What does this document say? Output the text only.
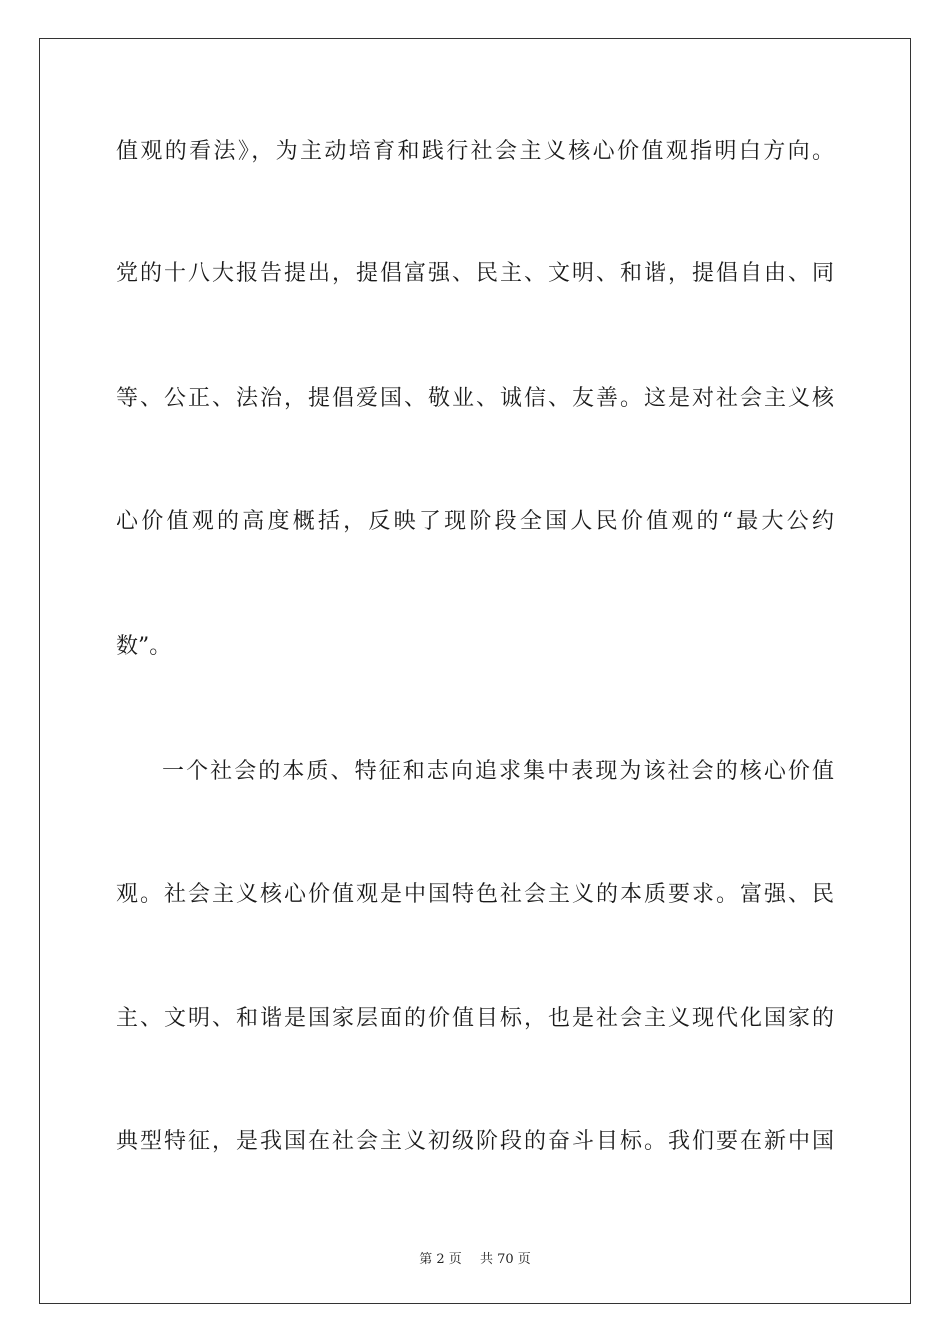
值观的看法》，为主动培育和践行社会主义核心价值观指明白方向。
党的十八大报告提出，提倡富强、民主、文明、和谐，提倡自由、同
等、公正、法治，提倡爱国、敬业、诚信、友善。这是对社会主义核
心价值观的高度概括，反映了现阶段全国人民价值观的“最大公约
数”。
一个社会的本质、特征和志向追求集中表现为该社会的核心价值
观。社会主义核心价值观是中国特色社会主义的本质要求。富强、民
主、文明、和谐是国家层面的价值目标，也是社会主义现代化国家的
典型特征，是我国在社会主义初级阶段的奋斗目标。我们要在新中国
第 2 页 共 70 页
